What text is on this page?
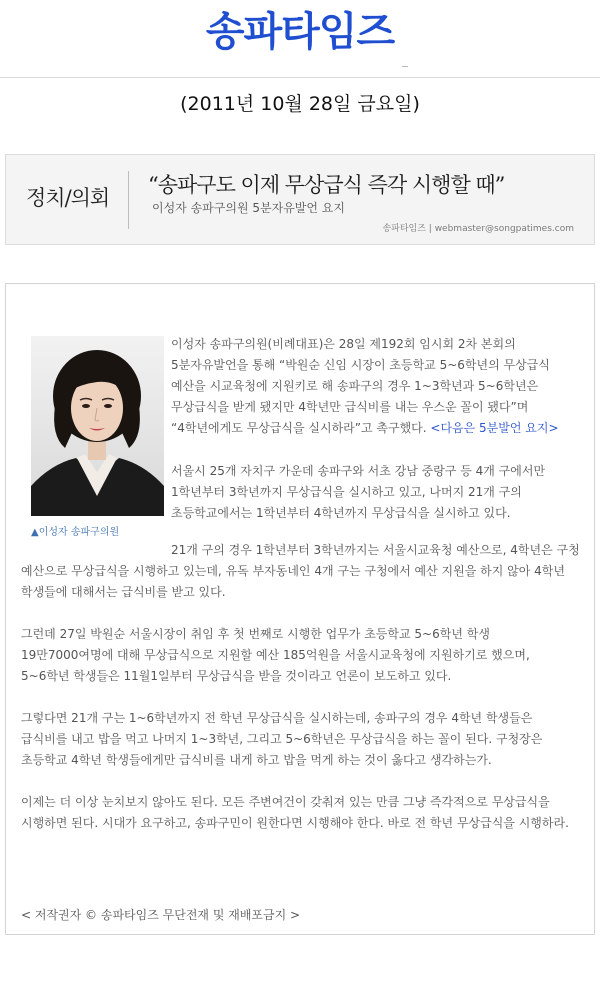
송파타임즈
(2011년 10월 28일 금요일)
정치/의회
“송파구도 이제 무상급식 즉각 시행할 때”
이성자 송파구의원 5분자유발언 요지
송파타임즈 | webmaster@songpatimes.com
▲이성자 송파구의원

이성자 송파구의원(비례대표)은 28일 제192회 임시회 2차 본회의 5분자유발언을 통해 “박원순 신임 시장이 초등학교 5~6학년의 무상급식 예산을 시교육청에 지원키로 해 송파구의 경우 1~3학년과 5~6학년은 무상급식을 받게 됐지만 4학년만 급식비를 내는 우스운 꼴이 됐다”며 “4학년에게도 무상급식을 실시하라”고 촉구했다. <다음은 5분발언 요지>

서울시 25개 자치구 가운데 송파구와 서초 강남 중랑구 등 4개 구에서만 1학년부터 3학년까지 무상급식을 실시하고 있고, 나머지 21개 구의 초등학교에서는 1학년부터 4학년까지 무상급식을 실시하고 있다.

21개 구의 경우 1학년부터 3학년까지는 서울시교육청 예산으로, 4학년은 구청 예산으로 무상급식을 시행하고 있는데, 유독 부자동네인 4개 구는 구청에서 예산 지원을 하지 않아 4학년 학생들에 대해서는 급식비를 받고 있다.

그런데 27일 박원순 서울시장이 취임 후 첫 번째로 시행한 업무가 초등학교 5~6학년 학생 19만7000여명에 대해 무상급식으로 지원할 예산 185억원을 서울시교육청에 지원하기로 했으며, 5~6학년 학생들은 11월1일부터 무상급식을 받을 것이라고 언론이 보도하고 있다.

그렇다면 21개 구는 1~6학년까지 전 학년 무상급식을 실시하는데, 송파구의 경우 4학년 학생들은 급식비를 내고 밥을 먹고 나머지 1~3학년, 그리고 5~6학년은 무상급식을 하는 꼴이 된다. 구청장은 초등학교 4학년 학생들에게만 급식비를 내게 하고 밥을 먹게 하는 것이 옳다고 생각하는가.

이제는 더 이상 눈치보지 않아도 된다. 모든 주변여건이 갖춰져 있는 만큼 그냥 즉각적으로 무상급식을 시행하면 된다. 시대가 요구하고, 송파구민이 원한다면 시행해야 한다. 바로 전 학년 무상급식을 시행하라.

< 저작권자 © 송파타임즈 무단전재 및 재배포금지 >
